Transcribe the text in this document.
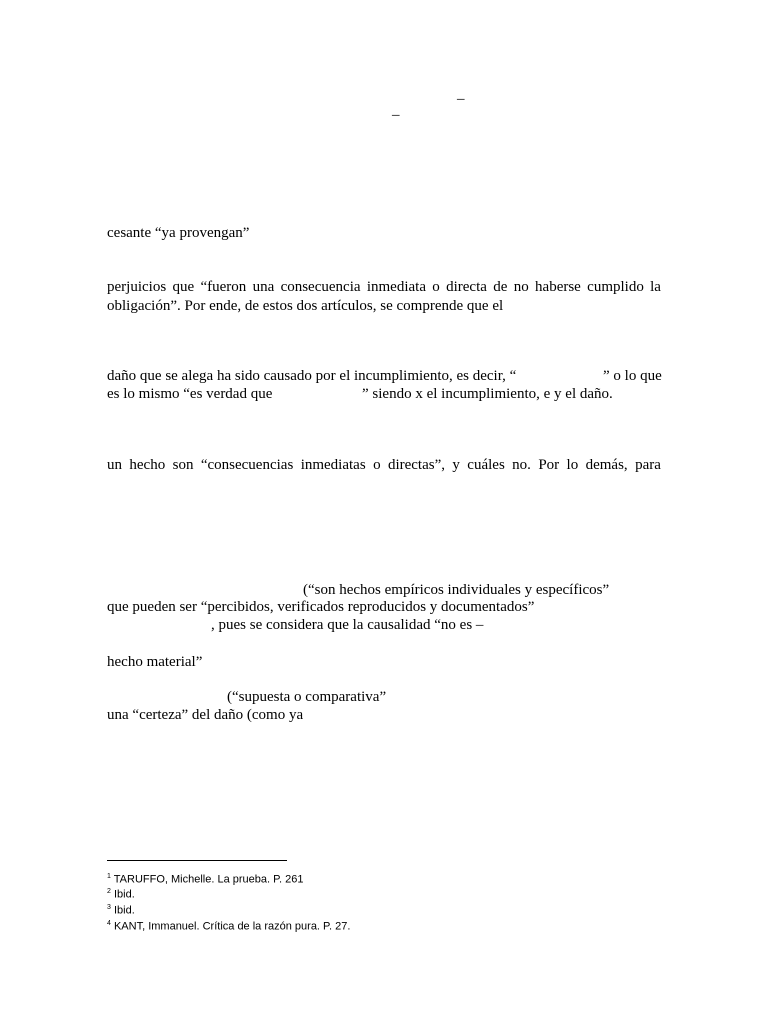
–
–
cesante “ya provengan”
perjuicios que “fueron una consecuencia inmediata o directa de no haberse cumplido la
obligación”. Por ende, de estos dos artículos, se comprende que el
daño que se alega ha sido causado por el incumplimiento, es decir, “	” o lo que
es lo mismo “es verdad que	” siendo x el incumplimiento, e y el daño.
un hecho son “consecuencias inmediatas o directas”, y cuáles no. Por lo demás, para
(“son hechos empíricos individuales y específicos”
que pueden ser “percibidos, verificados reproducidos y documentados”
, pues se considera que la causalidad “no es –
hecho material”
(“supuesta o comparativa”
una “certeza” del daño (como ya
$^1$ TARUFFO, Michelle. La prueba. P. 261
$^2$ Ibid.
$^3$ Ibid.
$^4$ KANT, Immanuel. Crítica de la razón pura. P. 27.
